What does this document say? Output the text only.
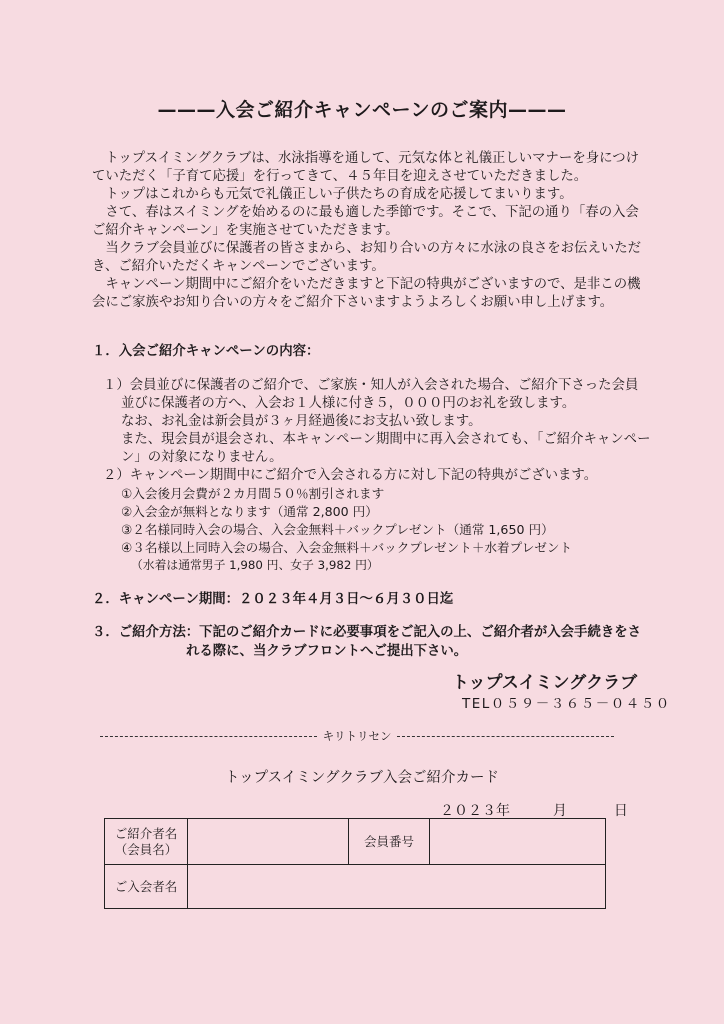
———入会ご紹介キャンペーンのご案内———
　トップスイミングクラブは、水泳指導を通して、元気な体と礼儀正しいマナーを身につけ
ていただく「子育て応援」を行ってきて、４５年目を迎えさせていただきました。
　トップはこれからも元気で礼儀正しい子供たちの育成を応援してまいります。
　さて、春はスイミングを始めるのに最も適した季節です。そこで、下記の通り「春の入会
ご紹介キャンペーン」を実施させていただきます。
　当クラブ会員並びに保護者の皆さまから、お知り合いの方々に水泳の良さをお伝えいただ
き、ご紹介いただくキャンペーンでございます。
　キャンペーン期間中にご紹介をいただきますと下記の特典がございますので、是非この機
会にご家族やお知り合いの方々をご紹介下さいますようよろしくお願い申し上げます。
１．入会ご紹介キャンペーンの内容：
１）会員並びに保護者のご紹介で、ご家族・知人が入会された場合、ご紹介下さった会員
並びに保護者の方へ、入会お１人様に付き５，０００円のお礼を致します。
なお、お礼金は新会員が３ヶ月経過後にお支払い致します。
また、現会員が退会され、本キャンペーン期間中に再入会されても、「ご紹介キャンペー
ン」の対象になりません。
２）キャンペーン期間中にご紹介で入会される方に対し下記の特典がございます。
①入会後月会費が２カ月間５０％割引されます
②入会金が無料となります（通常 2,800 円）
③２名様同時入会の場合、入会金無料＋バックプレゼント（通常 1,650 円）
④３名様以上同時入会の場合、入会金無料＋バックプレゼント＋水着プレゼント
（水着は通常男子 1,980 円、女子 3,982 円）
２．キャンペーン期間：２０２３年４月３日～６月３０日迄
３．ご紹介方法：下記のご紹介カードに必要事項をご記入の上、ご紹介者が入会手続きをさ
れる際に、当クラブフロントへご提出下さい。
トップスイミングクラブ
TEL０５９－３６５－０４５０
キリトリセン
トップスイミングクラブ入会ご紹介カード
２０２３年	月	日
ご紹介者名
（会員名）		会員番号	
ご入会者名			
